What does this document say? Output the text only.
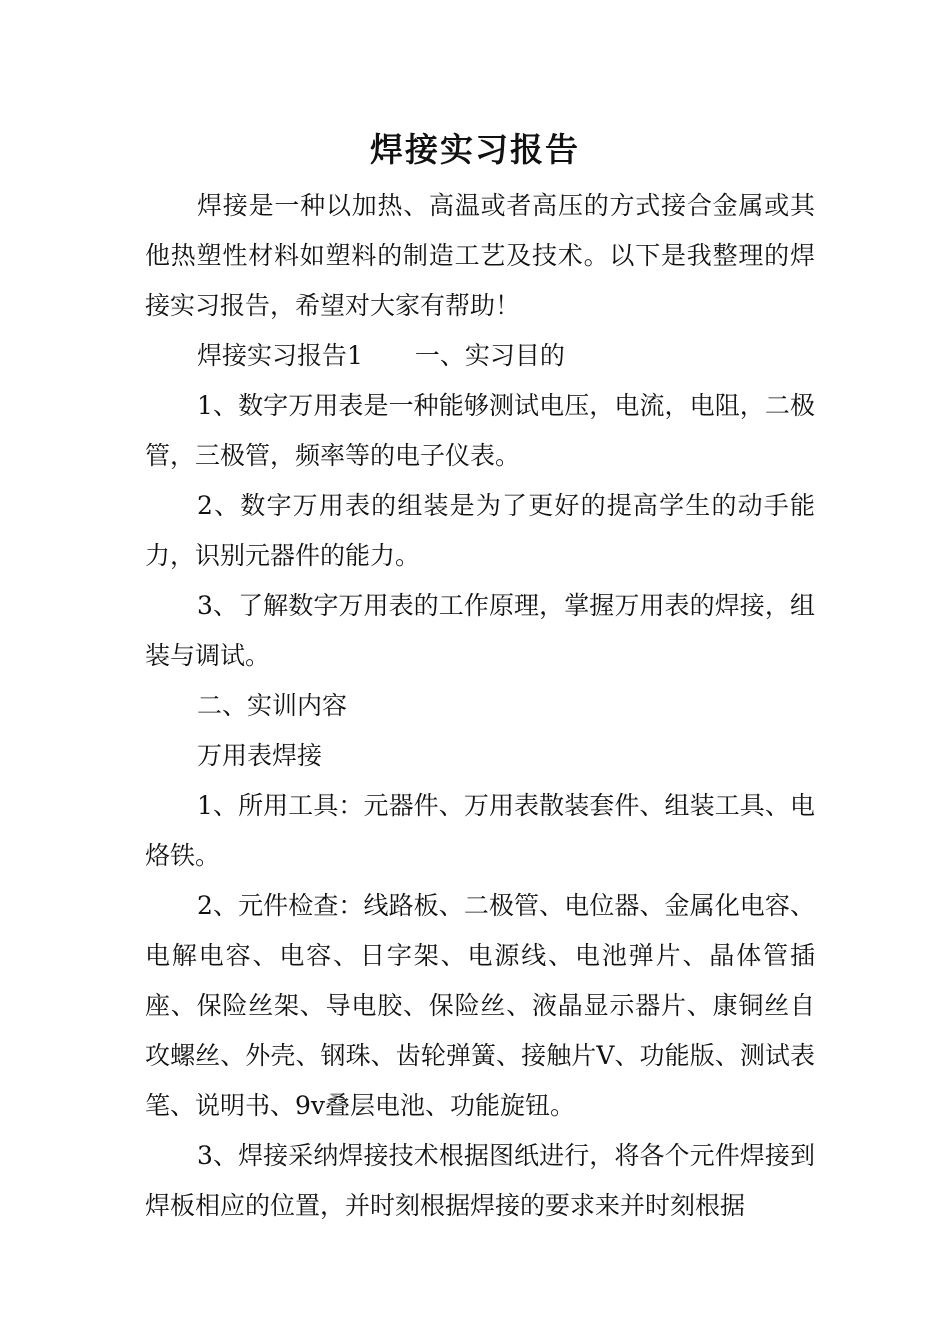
焊接实习报告

焊接是一种以加热、高温或者高压的方式接合金属或其他热塑性材料如塑料的制造工艺及技术。以下是我整理的焊接实习报告，希望对大家有帮助！

焊接实习报告1 一、实习目的

1、数字万用表是一种能够测试电压，电流，电阻，二极管，三极管，频率等的电子仪表。

2、数字万用表的组装是为了更好的提高学生的动手能力，识别元器件的能力。

3、了解数字万用表的工作原理，掌握万用表的焊接，组装与调试。

二、实训内容

万用表焊接

1、所用工具：元器件、万用表散装套件、组装工具、电烙铁。

2、元件检查：线路板、二极管、电位器、金属化电容、电解电容、电容、日字架、电源线、电池弹片、晶体管插座、保险丝架、导电胶、保险丝、液晶显示器片、康铜丝自攻螺丝、外壳、钢珠、齿轮弹簧、接触片V、功能版、测试表笔、说明书、9v叠层电池、功能旋钮。

3、焊接采纳焊接技术根据图纸进行，将各个元件焊接到焊板相应的位置，并时刻根据焊接的要求来并时刻根据
